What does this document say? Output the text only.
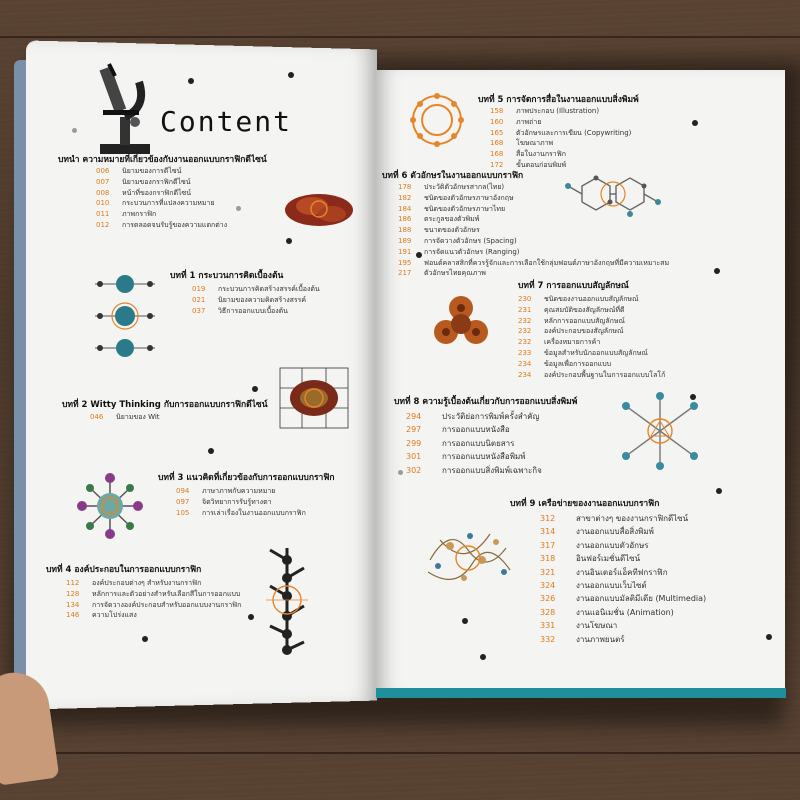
Content
บทนำ ความหมายที่เกี่ยวข้องกับงานออกแบบกราฟิกดีไซน์
006 นิยามของการดีไซน์
007 นิยามของกราฟิกดีไซน์
008 หน้าที่ของกราฟิกดีไซน์
010 กระบวนการที่แปลงความหมาย
011 ภาพกราฟิก
012 การตลอดจนรับรู้ของความแตกต่าง
บทที่ 1 กระบวนการคิดเบื้องต้น
019 กระบวนการคิดสร้างสรรค์เบื้องต้น
021 นิยามของความคิดสร้างสรรค์
037 วิธีการออกแบบเบื้องต้น
บทที่ 2 Witty Thinking กับการออกแบบกราฟิกดีไซน์
046 นิยามของ Wit
บทที่ 3 แนวคิดที่เกี่ยวข้องกับการออกแบบกราฟิก
094 ภาษาภาพกับความหมาย
097 จิตวิทยาการรับรู้ทางตา
105 การเล่าเรื่องในงานออกแบบกราฟิก
บทที่ 4 องค์ประกอบในการออกแบบกราฟิก
112 องค์ประกอบต่างๆ สำหรับงานกราฟิก
128 หลักการและตัวอย่างสำหรับเลือกสีในการออกแบบ
134 การจัดวางองค์ประกอบสำหรับออกแบบงานกราฟิก
146 ความโปร่งแสง
บทที่ 5 การจัดการสื่อในงานออกแบบสิ่งพิมพ์
158 ภาพประกอบ (Illustration)
160 ภาพถ่าย
165 ตัวอักษรและการเขียน (Copywriting)
168 โฆษณาภาพ
168 สื่อในงานกราฟิก
172 ขั้นตอนก่อนพิมพ์
บทที่ 6 ตัวอักษรในงานออกแบบกราฟิก
178 ประวัติตัวอักษรสากล(ไทย)
182 ชนิดของตัวอักษรภาษาอังกฤษ
184 ชนิดของตัวอักษรภาษาไทย
186 ตระกูลของตัวพิมพ์
188 ขนาดของตัวอักษร
189 การจัดวางตัวอักษร (Spacing)
191 การจัดแนวตัวอักษร (Ranging)
195 ฟอนต์คลาสสิกที่ควรรู้จักและการเลือกใช้กลุ่มฟอนต์ภาษาอังกฤษที่มีความเหมาะสม
217 ตัวอักษรไทยคุณภาพ
บทที่ 7 การออกแบบสัญลักษณ์
230 ชนิดของงานออกแบบสัญลักษณ์
231 คุณสมบัติของสัญลักษณ์ที่ดี
232 หลักการออกแบบสัญลักษณ์
232 องค์ประกอบของสัญลักษณ์
232 เครื่องหมายการค้า
233 ข้อมูลสำหรับนักออกแบบสัญลักษณ์
234 ข้อมูลเพื่อการออกแบบ
234 องค์ประกอบพื้นฐานในการออกแบบโลโก้
บทที่ 8 ความรู้เบื้องต้นเกี่ยวกับการออกแบบสิ่งพิมพ์
294	ประวัติย่อการพิมพ์ครั้งสำคัญ
297	การออกแบบหนังสือ
299	การออกแบบนิตยสาร
301	การออกแบบหนังสือพิมพ์
302	การออกแบบสิ่งพิมพ์เฉพาะกิจ
บทที่ 9 เครือข่ายของงานออกแบบกราฟิก
312	สาขาต่างๆ ของงานกราฟิกดีไซน์
314	งานออกแบบสื่อสิ่งพิมพ์
317	งานออกแบบตัวอักษร
318	อินฟอร์เมชั่นดีไซน์
321	งานอินเตอร์แอ็คทีฟกราฟิก
324	งานออกแบบเว็บไซต์
326	งานออกแบบมัลติมีเดีย (Multimedia)
328	งานแอนิเมชั่น (Animation)
331	งานโฆษณา
332	งานภาพยนตร์
